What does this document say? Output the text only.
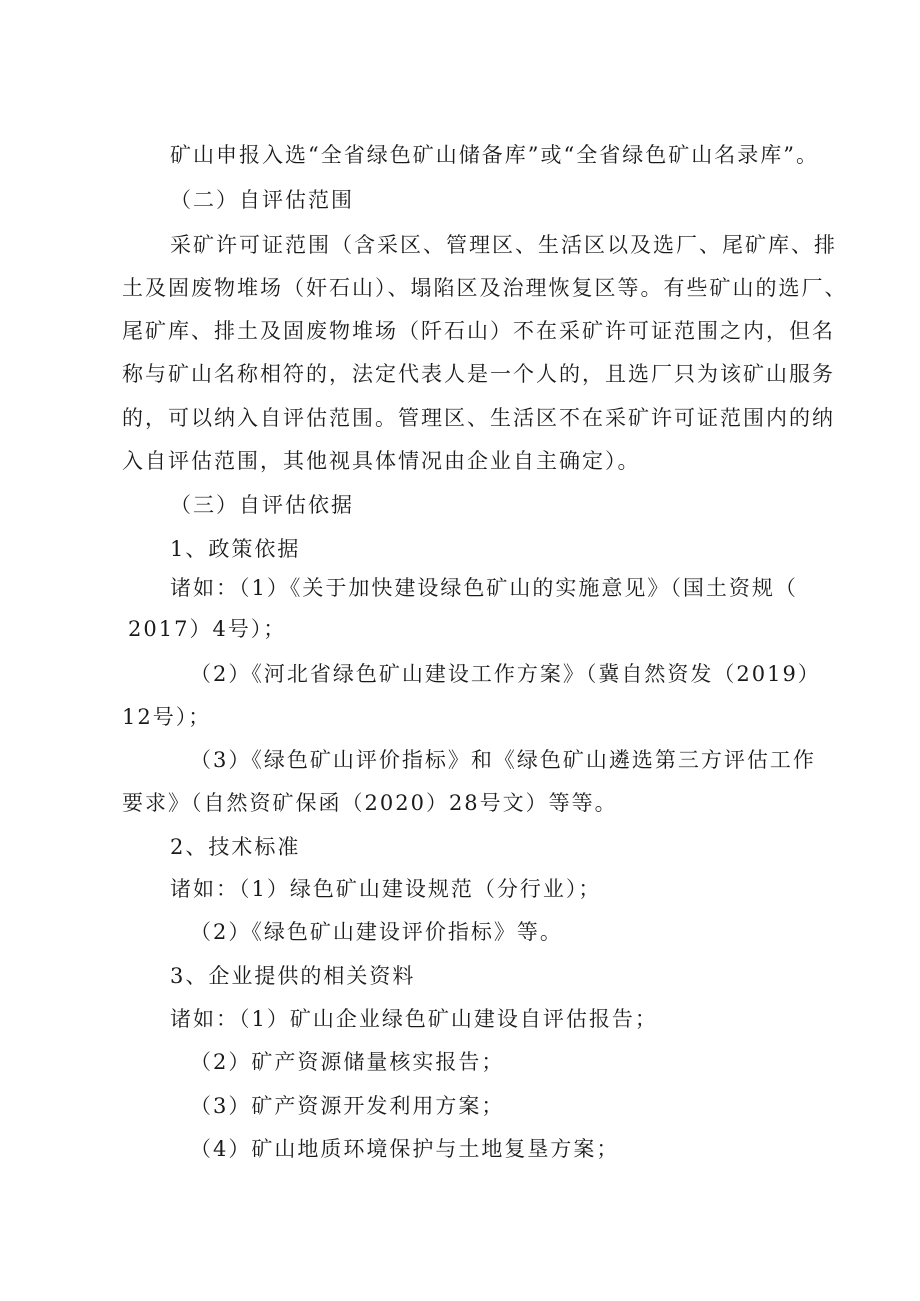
矿山申报入选“全省绿色矿山储备库”或“全省绿色矿山名录库”。
（二）自评估范围
采矿许可证范围（含采区、管理区、生活区以及选厂、尾矿库、排
土及固废物堆场（奸石山）、塌陷区及治理恢复区等。有些矿山的选厂、
尾矿库、排土及固废物堆场（阡石山）不在采矿许可证范围之内，但名
称与矿山名称相符的，法定代表人是一个人的，且选厂只为该矿山服务
的，可以纳入自评估范围。管理区、生活区不在采矿许可证范围内的纳
入自评估范围，其他视具体情况由企业自主确定）。
（三）自评估依据
1、政策依据
诸如：（1）《关于加快建设绿色矿山的实施意见》（国土资规（
2017）4号）；
（2）《河北省绿色矿山建设工作方案》（冀自然资发（2019）
12号）；
（3）《绿色矿山评价指标》和《绿色矿山遴选第三方评估工作
要求》（自然资矿保函（2020）28号文）等等。
2、技术标准
诸如：（1）绿色矿山建设规范（分行业）；
（2）《绿色矿山建设评价指标》等。
3、企业提供的相关资料
诸如：（1）矿山企业绿色矿山建设自评估报告；
（2）矿产资源储量核实报告；
（3）矿产资源开发利用方案；
（4）矿山地质环境保护与土地复垦方案；
